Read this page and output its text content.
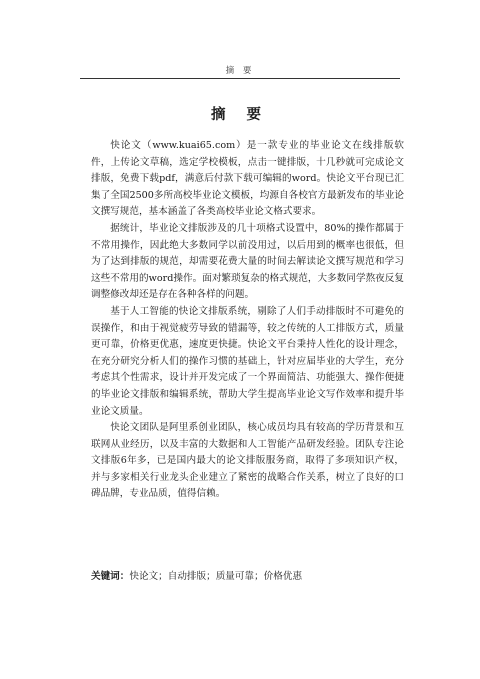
摘 要
摘 要

快论文（www.kuai65.com）是一款专业的毕业论文在线排版软件，上传论文草稿，选定学校模板，点击一键排版，十几秒就可完成论文排版，免费下载pdf，满意后付款下载可编辑的word。快论文平台现已汇集了全国2500多所高校毕业论文模板，均源自各校官方最新发布的毕业论文撰写规范，基本涵盖了各类高校毕业论文格式要求。

据统计，毕业论文排版涉及的几十项格式设置中，80%的操作都属于不常用操作，因此绝大多数同学以前没用过，以后用到的概率也很低，但为了达到排版的规范，却需要花费大量的时间去解读论文撰写规范和学习这些不常用的word操作。面对繁琐复杂的格式规范，大多数同学熬夜反复调整修改却还是存在各种各样的问题。

基于人工智能的快论文排版系统，剔除了人们手动排版时不可避免的误操作，和由于视觉疲劳导致的错漏等，较之传统的人工排版方式，质量更可靠，价格更优惠，速度更快捷。快论文平台秉持人性化的设计理念，在充分研究分析人们的操作习惯的基础上，针对应届毕业的大学生，充分考虑其个性需求，设计并开发完成了一个界面简洁、功能强大、操作便捷的毕业论文排版和编辑系统，帮助大学生提高毕业论文写作效率和提升毕业论文质量。

快论文团队是阿里系创业团队，核心成员均具有较高的学历背景和互联网从业经历，以及丰富的大数据和人工智能产品研发经验。团队专注论文排版6年多，已是国内最大的论文排版服务商，取得了多项知识产权，并与多家相关行业龙头企业建立了紧密的战略合作关系，树立了良好的口碑品牌，专业品质，值得信赖。

关键词：快论文；自动排版；质量可靠；价格优惠
